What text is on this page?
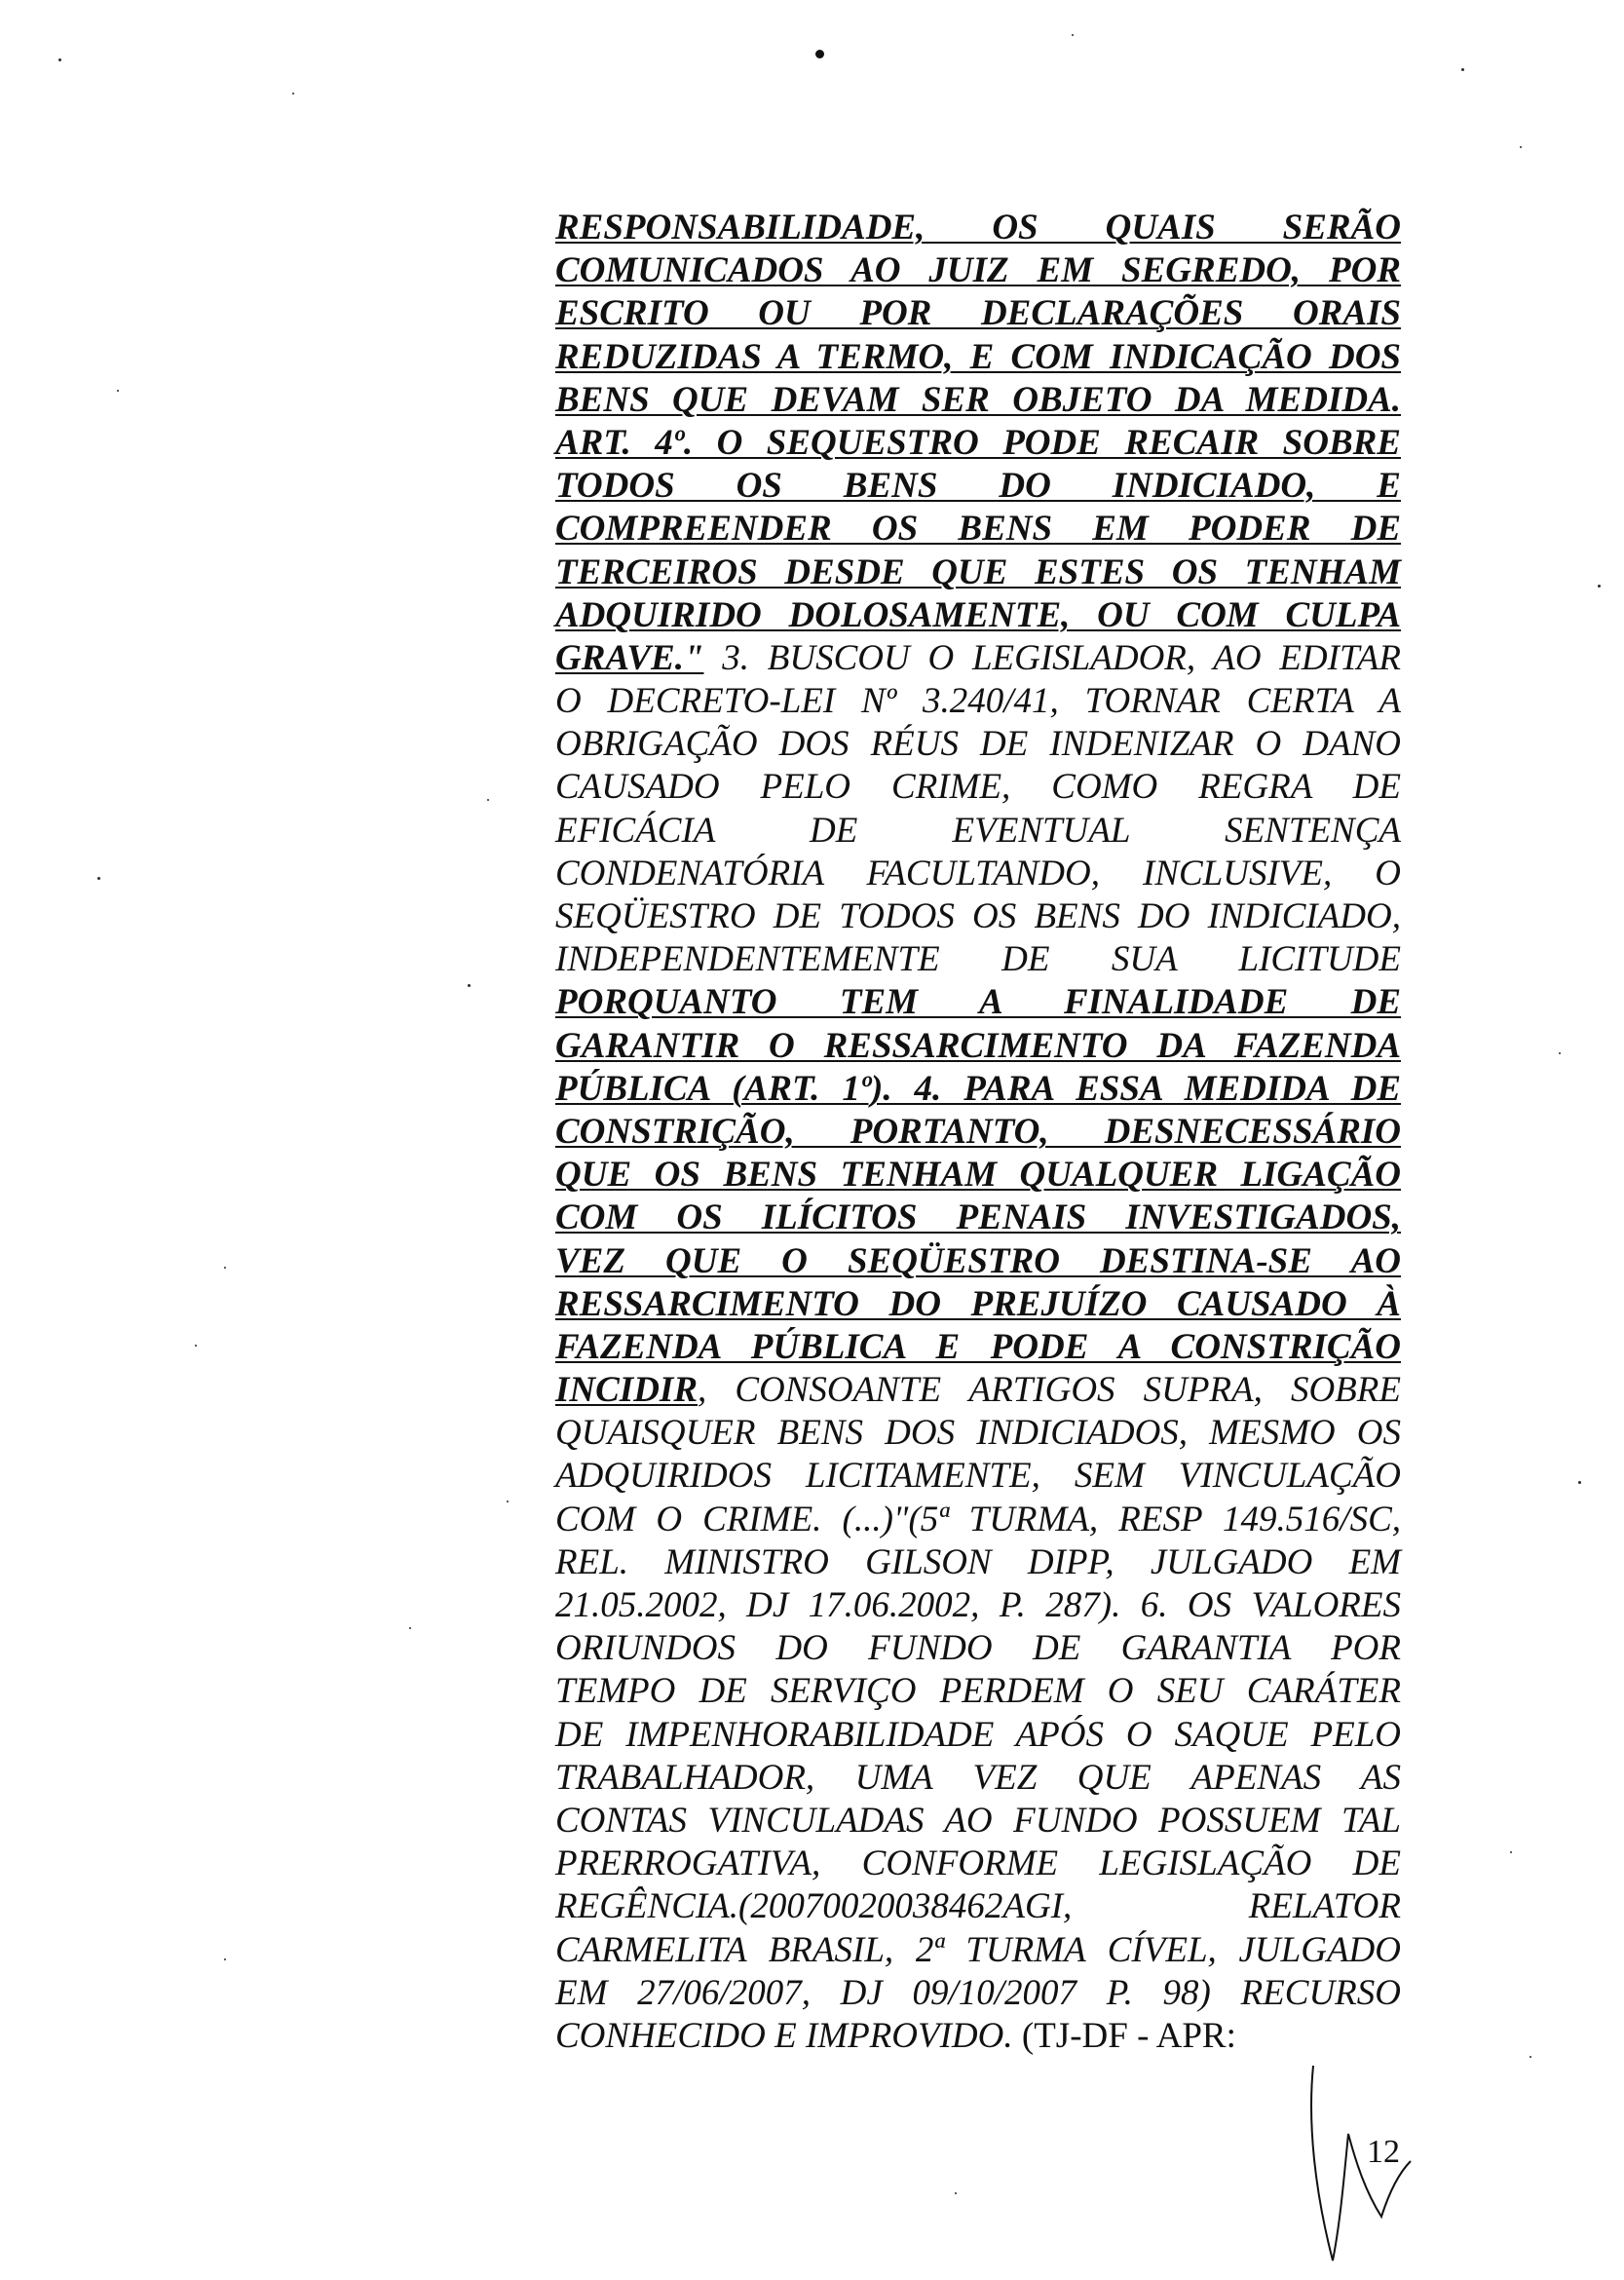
RESPONSABILIDADE, OS QUAIS SERÃO
COMUNICADOS AO JUIZ EM SEGREDO, POR
ESCRITO OU POR DECLARAÇÕES ORAIS
REDUZIDAS A TERMO, E COM INDICAÇÃO DOS
BENS QUE DEVAM SER OBJETO DA MEDIDA.
ART. 4º. O SEQUESTRO PODE RECAIR SOBRE
TODOS OS BENS DO INDICIADO, E
COMPREENDER OS BENS EM PODER DE
TERCEIROS DESDE QUE ESTES OS TENHAM
ADQUIRIDO DOLOSAMENTE, OU COM CULPA
GRAVE." 3. BUSCOU O LEGISLADOR, AO EDITAR
O DECRETO-LEI Nº 3.240/41, TORNAR CERTA A
OBRIGAÇÃO DOS RÉUS DE INDENIZAR O DANO
CAUSADO PELO CRIME, COMO REGRA DE
EFICÁCIA DE EVENTUAL SENTENÇA
CONDENATÓRIA FACULTANDO, INCLUSIVE, O
SEQÜESTRO DE TODOS OS BENS DO INDICIADO,
INDEPENDENTEMENTE DE SUA LICITUDE
PORQUANTO TEM A FINALIDADE DE
GARANTIR O RESSARCIMENTO DA FAZENDA
PÚBLICA (ART. 1º). 4. PARA ESSA MEDIDA DE
CONSTRIÇÃO, PORTANTO, DESNECESSÁRIO
QUE OS BENS TENHAM QUALQUER LIGAÇÃO
COM OS ILÍCITOS PENAIS INVESTIGADOS,
VEZ QUE O SEQÜESTRO DESTINA-SE AO
RESSARCIMENTO DO PREJUÍZO CAUSADO À
FAZENDA PÚBLICA E PODE A CONSTRIÇÃO
INCIDIR, CONSOANTE ARTIGOS SUPRA, SOBRE
QUAISQUER BENS DOS INDICIADOS, MESMO OS
ADQUIRIDOS LICITAMENTE, SEM VINCULAÇÃO
COM O CRIME. (...)"(5ª TURMA, RESP 149.516/SC,
REL. MINISTRO GILSON DIPP, JULGADO EM
21.05.2002, DJ 17.06.2002, P. 287). 6. OS VALORES
ORIUNDOS DO FUNDO DE GARANTIA POR
TEMPO DE SERVIÇO PERDEM O SEU CARÁTER
DE IMPENHORABILIDADE APÓS O SAQUE PELO
TRABALHADOR, UMA VEZ QUE APENAS AS
CONTAS VINCULADAS AO FUNDO POSSUEM TAL
PRERROGATIVA, CONFORME LEGISLAÇÃO DE
REGÊNCIA.(20070020038462AGI, RELATOR
CARMELITA BRASIL, 2ª TURMA CÍVEL, JULGADO
EM 27/06/2007, DJ 09/10/2007 P. 98) RECURSO
CONHECIDO E IMPROVIDO. (TJ-DF - APR:
12
